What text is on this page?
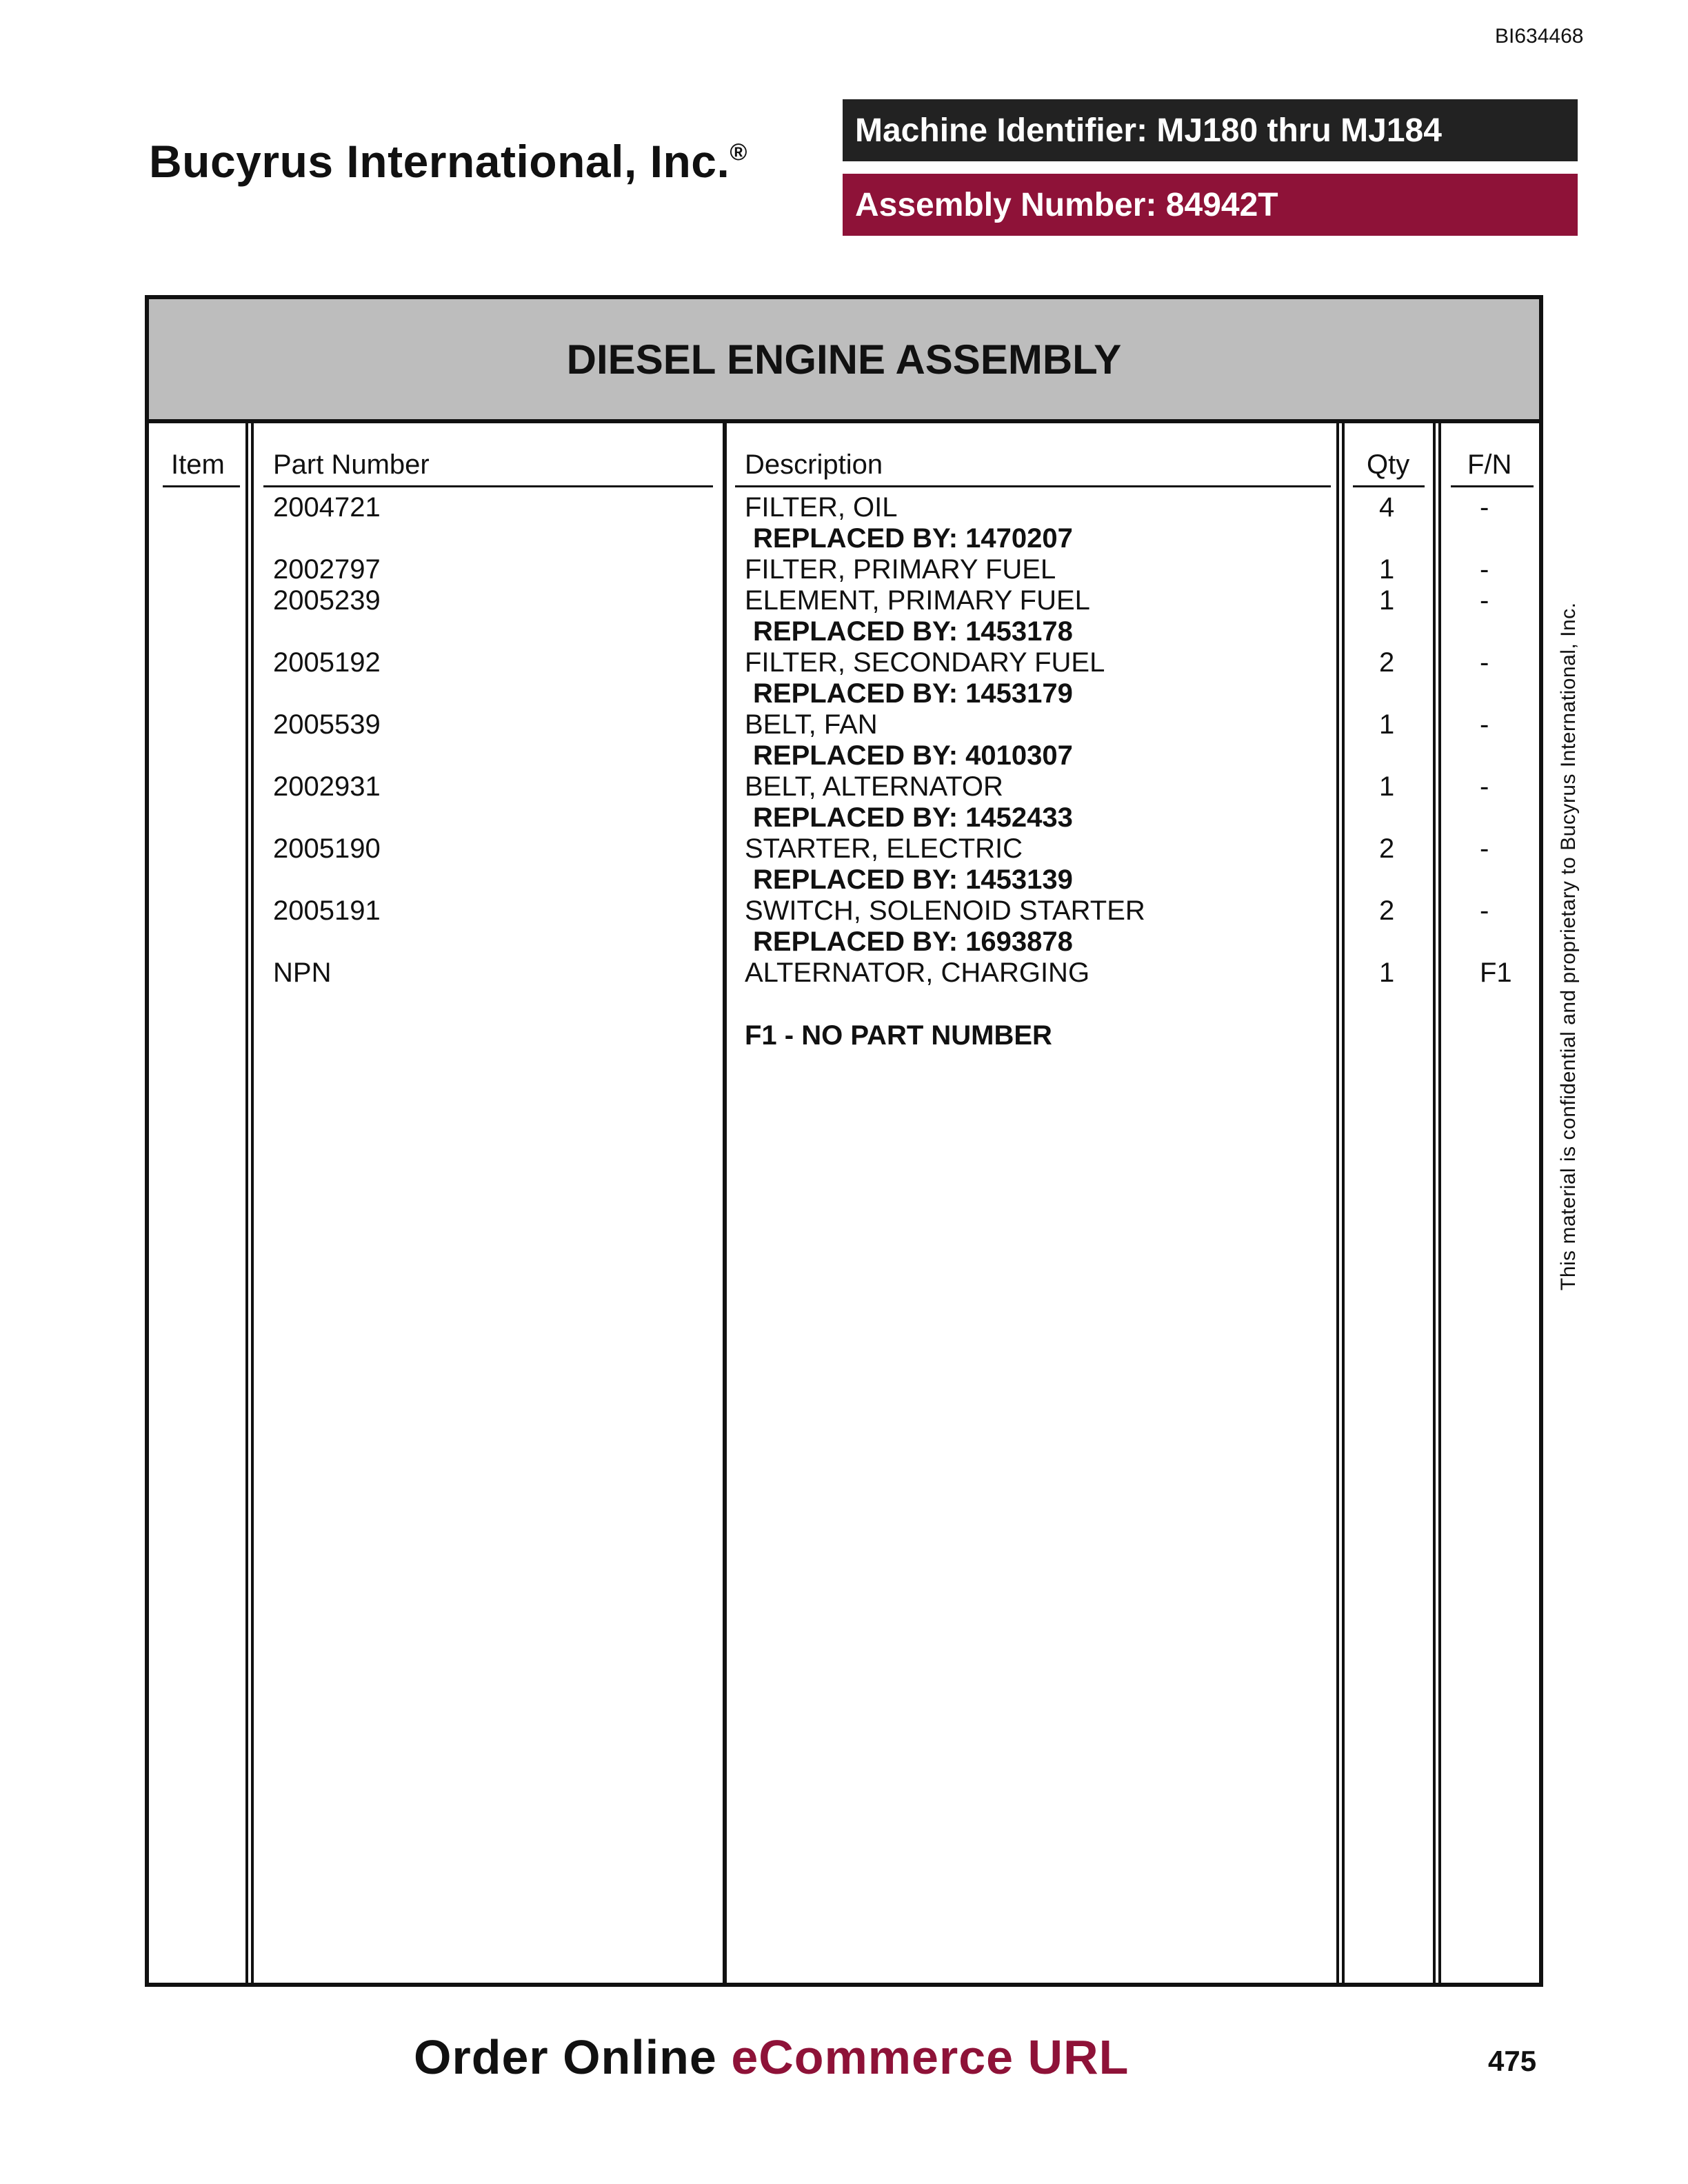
BI634468
Bucyrus International, Inc.®
Machine Identifier: MJ180 thru MJ184
Assembly Number: 84942T
DIESEL ENGINE ASSEMBLY
Item Part Number	Description	Qty F/N
2004721	FILTER, OIL	4	-
REPLACED BY: 1470207
2002797	FILTER, PRIMARY FUEL	1	-
2005239	ELEMENT, PRIMARY FUEL	1	-
REPLACED BY: 1453178
2005192	FILTER, SECONDARY FUEL	2	-
REPLACED BY: 1453179
2005539	BELT, FAN	1	-
REPLACED BY: 4010307
2002931	BELT, ALTERNATOR	1	-
REPLACED BY: 1452433
2005190	STARTER, ELECTRIC	2	-
REPLACED BY: 1453139
2005191	SWITCH, SOLENOID STARTER	2	-
REPLACED BY: 1693878
NPN	ALTERNATOR, CHARGING	1	F1
F1 - NO PART NUMBER	This material is confidential and proprietary to Bucyrus International, Inc.
Order Online eCommerce URL	475
